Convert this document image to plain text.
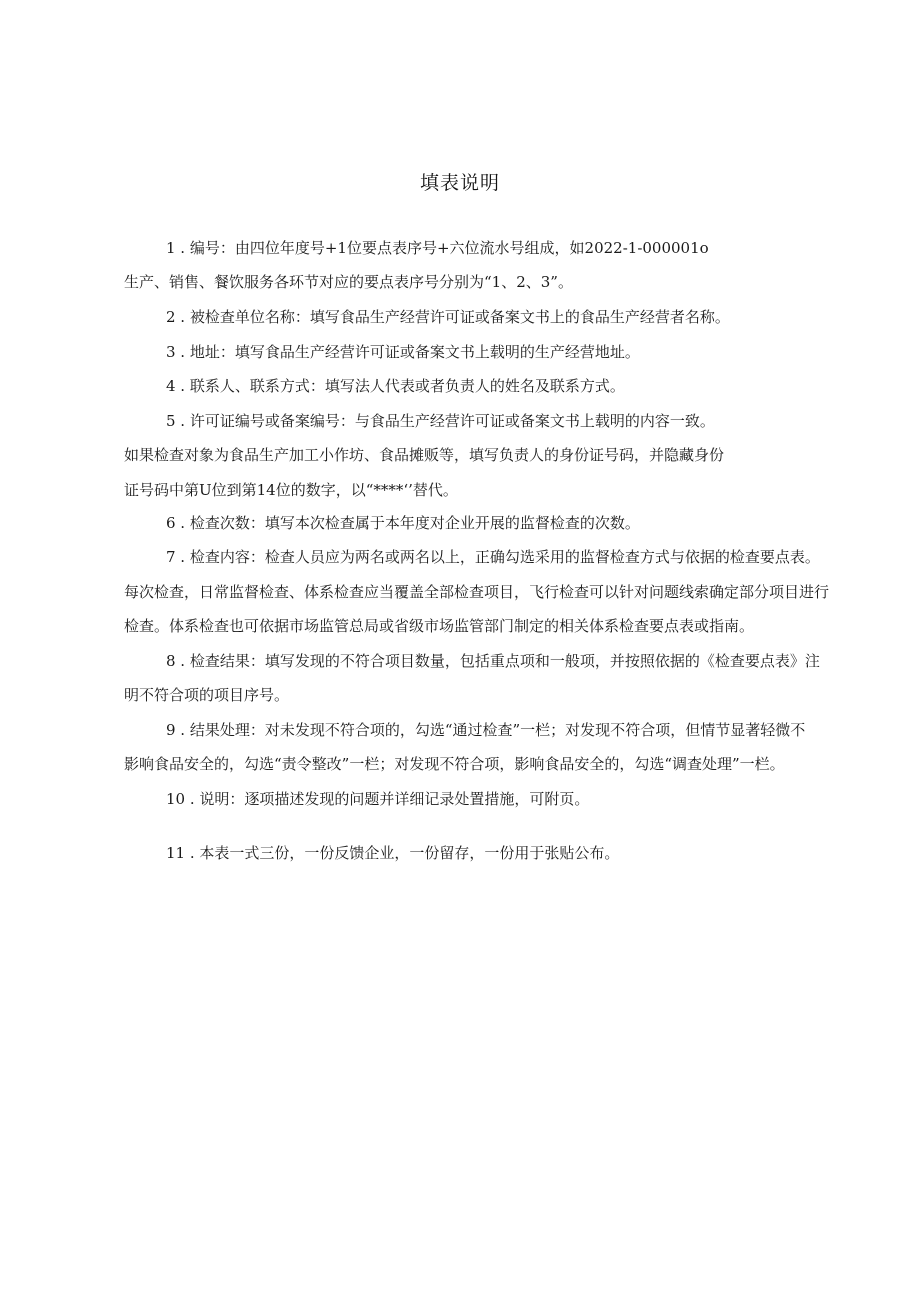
填表说明
1 . 编号：由四位年度号+1位要点表序号+六位流水号组成，如2022-1-000001o
生产、销售、餐饮服务各环节对应的要点表序号分别为“1、2、3”。
2 . 被检查单位名称：填写食品生产经营许可证或备案文书上的食品生产经营者名称。
3 . 地址：填写食品生产经营许可证或备案文书上载明的生产经营地址。
4 . 联系人、联系方式：填写法人代表或者负责人的姓名及联系方式。
5 . 许可证编号或备案编号：与食品生产经营许可证或备案文书上载明的内容一致。
如果检查对象为食品生产加工小作坊、食品摊贩等，填写负责人的身份证号码，并隐藏身份
证号码中第U位到第14位的数字，以“****‘’替代。
6 . 检查次数：填写本次检查属于本年度对企业开展的监督检查的次数。
7 . 检查内容：检查人员应为两名或两名以上，正确勾选采用的监督检查方式与依据的检查要点表。
每次检查，日常监督检查、体系检查应当覆盖全部检查项目，飞行检查可以针对问题线索确定部分项目进行
检查。体系检查也可依据市场监管总局或省级市场监管部门制定的相关体系检查要点表或指南。
8 . 检查结果：填写发现的不符合项目数量，包括重点项和一般项，并按照依据的《检查要点表》注
明不符合项的项目序号。
9 . 结果处理：对未发现不符合项的，勾选“通过检查”一栏；对发现不符合项，但情节显著轻微不
影响食品安全的，勾选“责令整改”一栏；对发现不符合项，影响食品安全的，勾选“调查处理”一栏。
10 . 说明：逐项描述发现的问题并详细记录处置措施，可附页。
11 . 本表一式三份，一份反馈企业，一份留存，一份用于张贴公布。
